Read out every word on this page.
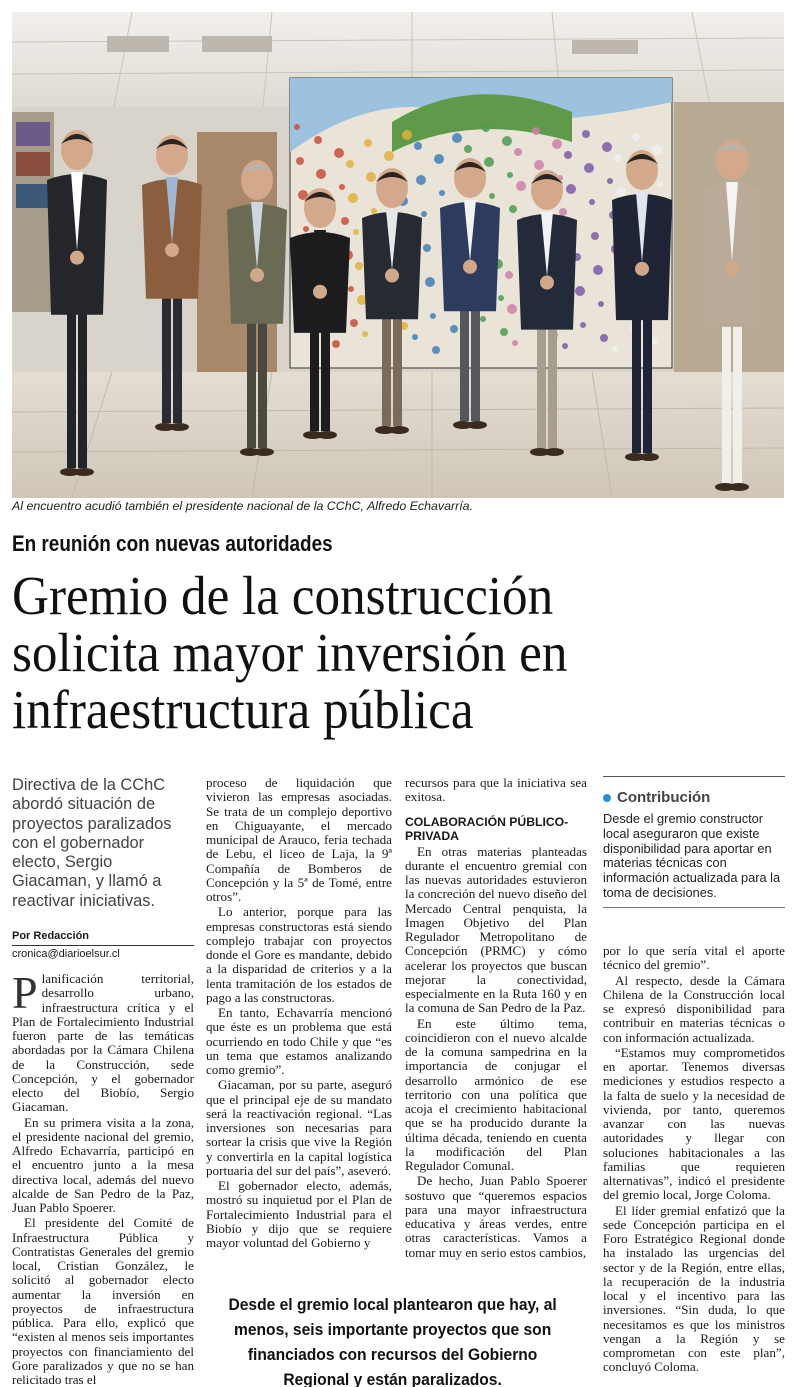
Al encuentro acudió también el presidente nacional de la CChC, Alfredo Echavarría.
En reunión con nuevas autoridades
Gremio de la construcción
solicita mayor inversión en
infraestructura pública
Directiva de la CChC abordó situación de proyectos paralizados con el gobernador electo, Sergio Giacaman, y llamó a reactivar iniciativas.
Por Redacción
cronica@diarioelsur.cl

Planificación territorial, desarrollo urbano, infraestructura crítica y el Plan de Fortalecimiento Industrial fueron parte de las temáticas abordadas por la Cámara Chilena de la Construcción, sede Concepción, y el gobernador electo del Biobío, Sergio Giacaman.

En su primera visita a la zona, el presidente nacional del gremio, Alfredo Echavarría, participó en el encuentro junto a la mesa directiva local, además del nuevo alcalde de San Pedro de la Paz, Juan Pablo Spoerer.

El presidente del Comité de Infraestructura Pública y Contratistas Generales del gremio local, Cristian González, le solicitó al gobernador electo aumentar la inversión en proyectos de infraestructura pública. Para ello, explicó que “existen al menos seis importantes proyectos con financiamiento del Gore paralizados y que no se han relicitado tras el

proceso de liquidación que vivieron las empresas asociadas. Se trata de un complejo deportivo en Chiguayante, el mercado municipal de Arauco, feria techada de Lebu, el liceo de Laja, la 9ª Compañía de Bomberos de Concepción y la 5ª de Tomé, entre otros”.

Lo anterior, porque para las empresas constructoras está siendo complejo trabajar con proyectos donde el Gore es mandante, debido a la disparidad de criterios y a la lenta tramitación de los estados de pago a las constructoras.

En tanto, Echavarría mencionó que éste es un problema que está ocurriendo en todo Chile y que “es un tema que estamos analizando como gremio”.

Giacaman, por su parte, aseguró que el principal eje de su mandato será la reactivación regional. “Las inversiones son necesarias para sortear la crisis que vive la Región y convertirla en la capital logística portuaria del sur del país”, aseveró.

El gobernador electo, además, mostró su inquietud por el Plan de Fortalecimiento Industrial para el Biobío y dijo que se requiere mayor voluntad del Gobierno y

recursos para que la iniciativa sea exitosa.

COLABORACIÓN PÚBLICO-PRIVADA

En otras materias planteadas durante el encuentro gremial con las nuevas autoridades estuvieron la concreción del nuevo diseño del Mercado Central penquista, la Imagen Objetivo del Plan Regulador Metropolitano de Concepción (PRMC) y cómo acelerar los proyectos que buscan mejorar la conectividad, especialmente en la Ruta 160 y en la comuna de San Pedro de la Paz.

En este último tema, coincidieron con el nuevo alcalde de la comuna sampedrina en la importancia de conjugar el desarrollo armónico de ese territorio con una política que acoja el crecimiento habitacional que se ha producido durante la última década, teniendo en cuenta la modificación del Plan Regulador Comunal.

De hecho, Juan Pablo Spoerer sostuvo que “queremos espacios para una mayor infraestructura educativa y áreas verdes, entre otras características. Vamos a tomar muy en serio estos cambios,

Contribución
Desde el gremio constructor local aseguraron que existe disponibilidad para aportar en materias técnicas con información actualizada para la toma de decisiones.

por lo que sería vital el aporte técnico del gremio”.

Al respecto, desde la Cámara Chilena de la Construcción local se expresó disponibilidad para contribuir en materias técnicas o con información actualizada.

“Estamos muy comprometidos en aportar. Tenemos diversas mediciones y estudios respecto a la falta de suelo y la necesidad de vivienda, por tanto, queremos avanzar con las nuevas autoridades y llegar con soluciones habitacionales a las familias que requieren alternativas”, indicó el presidente del gremio local, Jorge Coloma.

El líder gremial enfatizó que la sede Concepción participa en el Foro Estratégico Regional donde ha instalado las urgencias del sector y de la Región, entre ellas, la recuperación de la industria local y el incentivo para las inversiones. “Sin duda, lo que necesitamos es que los ministros vengan a la Región y se comprometan con este plan”, concluyó Coloma.

Desde el gremio local plantearon que hay, al menos, seis importante proyectos que son financiados con recursos del Gobierno Regional y están paralizados.
